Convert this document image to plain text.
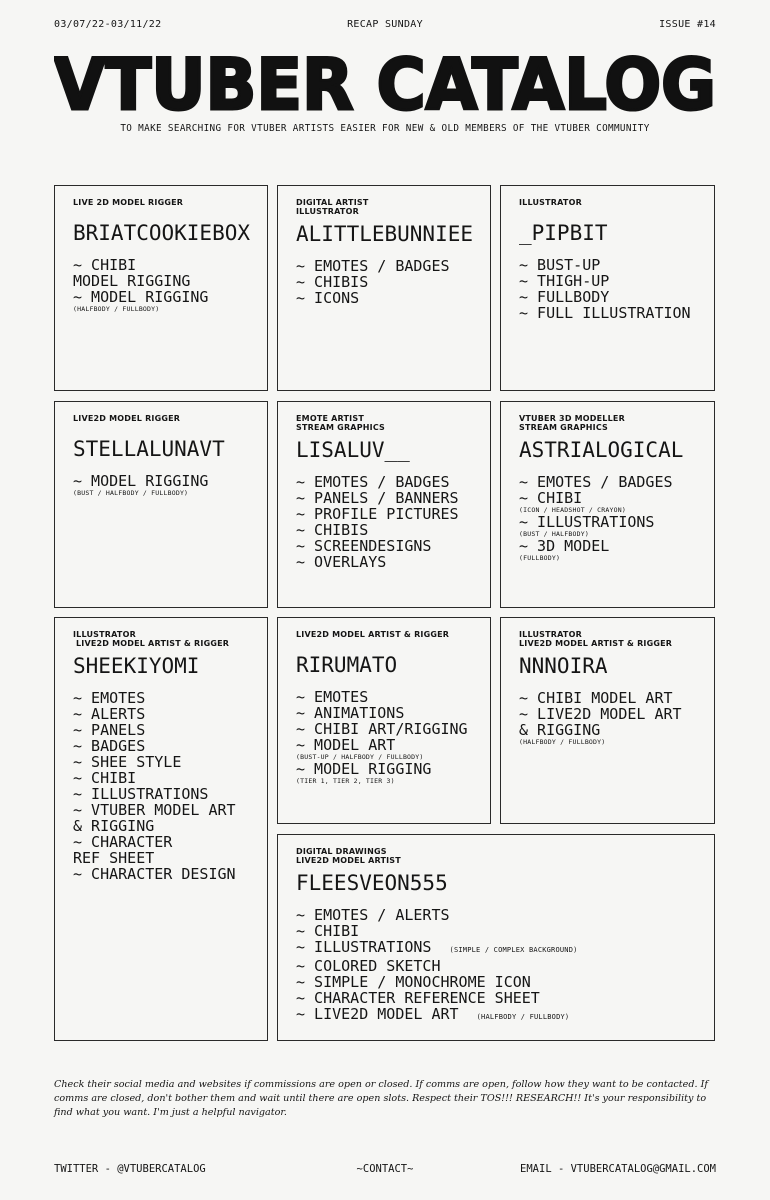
03/07/22-03/11/22	RECAP SUNDAY	ISSUE #14
VTUBER CATALOG
TO MAKE SEARCHING FOR VTUBER ARTISTS EASIER FOR NEW & OLD MEMBERS OF THE VTUBER COMMUNITY
LIVE 2D MODEL RIGGER
BRIATCOOKIEBOX
~ CHIBI
MODEL RIGGING
~ MODEL RIGGING
(HALFBODY / FULLBODY)
DIGITAL ARTIST
ILLUSTRATOR
ALITTLEBUNNIEE
~ EMOTES / BADGES
~ CHIBIS
~ ICONS
ILLUSTRATOR
_PIPBIT
~ BUST-UP
~ THIGH-UP
~ FULLBODY
~ FULL ILLUSTRATION
LIVE2D MODEL RIGGER
STELLALUNAVT
~ MODEL RIGGING
(BUST / HALFBODY / FULLBODY)
EMOTE ARTIST
STREAM GRAPHICS
LISALUV__
~ EMOTES / BADGES
~ PANELS / BANNERS
~ PROFILE PICTURES
~ CHIBIS
~ SCREENDESIGNS
~ OVERLAYS
VTUBER 3D MODELLER
STREAM GRAPHICS
ASTRIALOGICAL
~ EMOTES / BADGES
~ CHIBI
(ICON / HEADSHOT / CRAYON)
~ ILLUSTRATIONS
(BUST / HALFBODY)
~ 3D MODEL
(FULLBODY)
ILLUSTRATOR
LIVE2D MODEL ARTIST & RIGGER
SHEEKIYOMI
~ EMOTES
~ ALERTS
~ PANELS
~ BADGES
~ SHEE STYLE
~ CHIBI
~ ILLUSTRATIONS
~ VTUBER MODEL ART
& RIGGING
~ CHARACTER
REF SHEET
~ CHARACTER DESIGN
LIVE2D MODEL ARTIST & RIGGER
RIRUMATO
~ EMOTES
~ ANIMATIONS
~ CHIBI ART/RIGGING
~ MODEL ART
(BUST-UP / HALFBODY / FULLBODY)
~ MODEL RIGGING
(TIER 1, TIER 2, TIER 3)
ILLUSTRATOR
LIVE2D MODEL ARTIST & RIGGER
NNNOIRA
~ CHIBI MODEL ART
~ LIVE2D MODEL ART
& RIGGING
(HALFBODY / FULLBODY)
DIGITAL DRAWINGS
LIVE2D MODEL ARTIST
FLEESVEON555
~ EMOTES / ALERTS
~ CHIBI
~ ILLUSTRATIONS	(SIMPLE / COMPLEX BACKGROUND)
~ COLORED SKETCH
~ SIMPLE / MONOCHROME ICON
~ CHARACTER REFERENCE SHEET
~ LIVE2D MODEL ART	(HALFBODY / FULLBODY)
Check their social media and websites if commissions are open or closed. If comms are open, follow how they want to be contacted. If comms are closed, don't bother them and wait until there are open slots. Respect their TOS!!! RESEARCH!! It's your responsibility to find what you want. I'm just a helpful navigator.
TWITTER - @VTUBERCATALOG	~CONTACT~	EMAIL - VTUBERCATALOG@GMAIL.COM
